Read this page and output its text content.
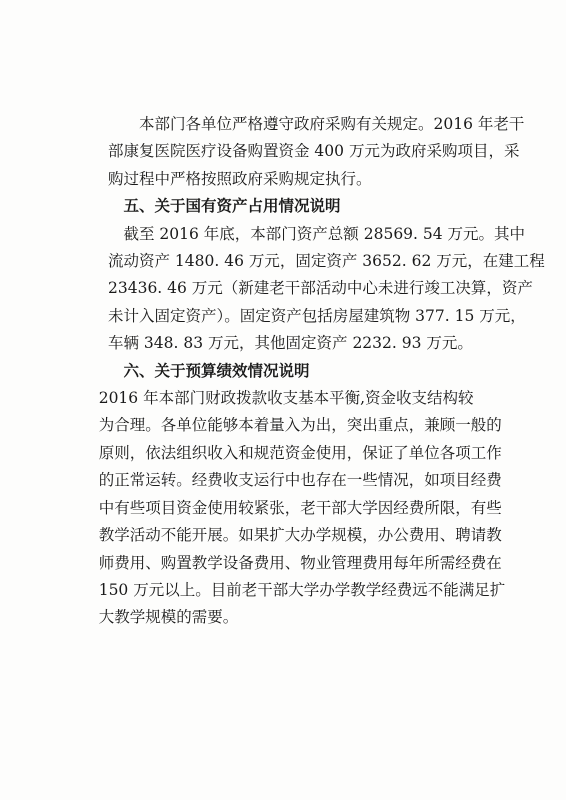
本部门各单位严格遵守政府采购有关规定。2016 年老干
部康复医院医疗设备购置资金 400 万元为政府采购项目，采
购过程中严格按照政府采购规定执行。

五、关于国有资产占用情况说明

截至 2016 年底，本部门资产总额 28569. 54 万元。其中
流动资产 1480. 46 万元，固定资产 3652. 62 万元，在建工程
23436. 46 万元（新建老干部活动中心未进行竣工决算，资产
未计入固定资产）。固定资产包括房屋建筑物 377. 15 万元，
车辆 348. 83 万元，其他固定资产 2232. 93 万元。

六、关于预算绩效情况说明

2016 年本部门财政拨款收支基本平衡,资金收支结构较
为合理。各单位能够本着量入为出，突出重点，兼顾一般的
原则，依法组织收入和规范资金使用，保证了单位各项工作
的正常运转。经费收支运行中也存在一些情况，如项目经费
中有些项目资金使用较紧张，老干部大学因经费所限，有些
教学活动不能开展。如果扩大办学规模，办公费用、聘请教
师费用、购置教学设备费用、物业管理费用每年所需经费在
150 万元以上。目前老干部大学办学教学经费远不能满足扩
大教学规模的需要。
